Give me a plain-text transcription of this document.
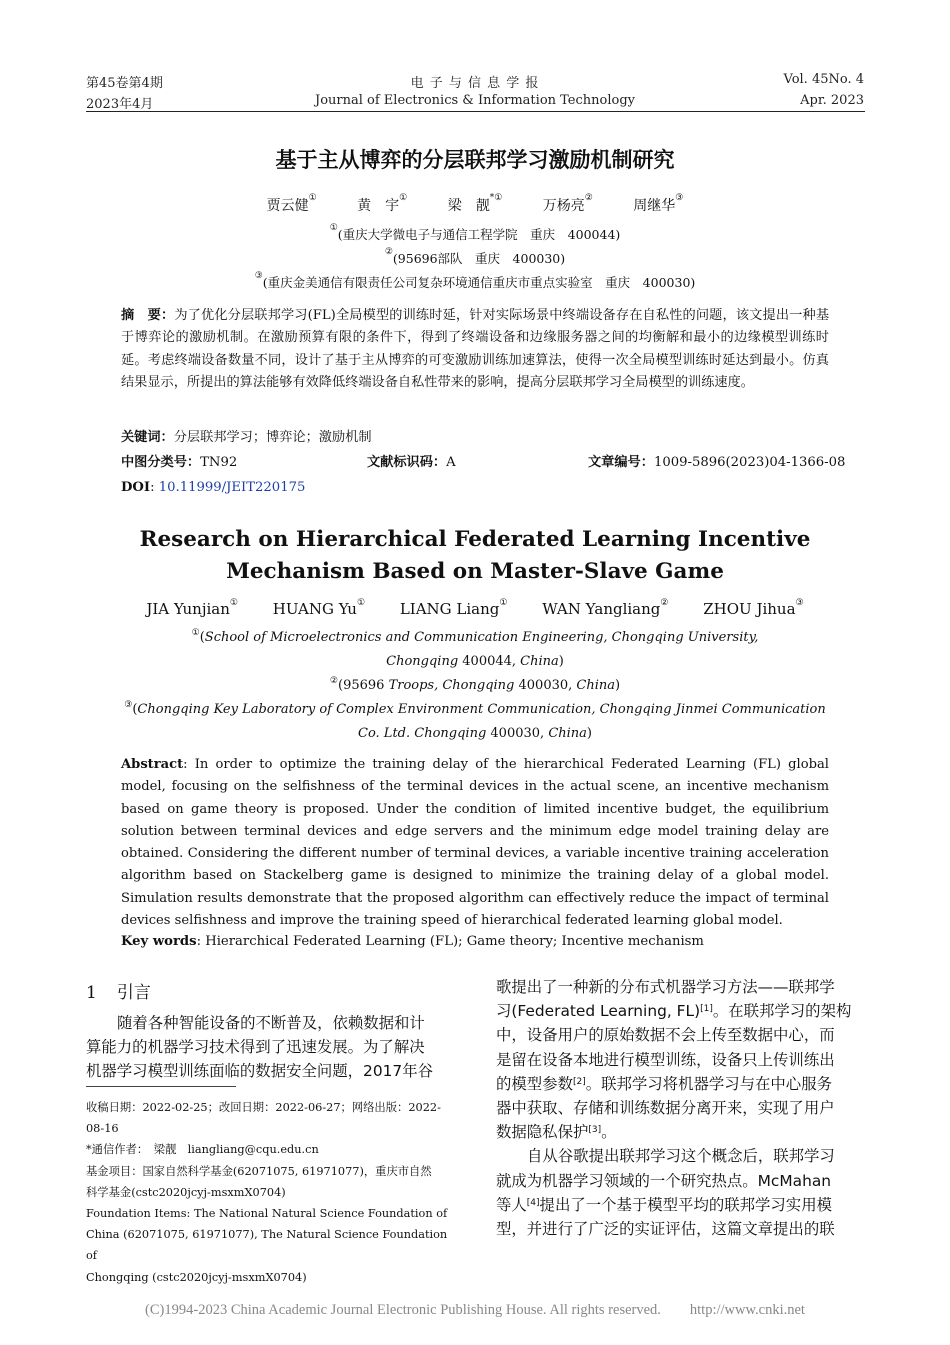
第45卷第4期
2023年4月
电 子 与 信 息 学 报
Journal of Electronics & Information Technology
Vol. 45No. 4
Apr. 2023
基于主从博弈的分层联邦学习激励机制研究
贾云健①	黄　宇①	梁　靓*①	万杨亮②	周继华③
①(重庆大学微电子与通信工程学院　重庆　400044)
②(95696部队　重庆　400030)
③(重庆金美通信有限责任公司复杂环境通信重庆市重点实验室　重庆　400030)
摘　要：为了优化分层联邦学习(FL)全局模型的训练时延，针对实际场景中终端设备存在自私性的问题，该文提出一种基于博弈论的激励机制。在激励预算有限的条件下，得到了终端设备和边缘服务器之间的均衡解和最小的边缘模型训练时延。考虑终端设备数量不同，设计了基于主从博弈的可变激励训练加速算法，使得一次全局模型训练时延达到最小。仿真结果显示，所提出的算法能够有效降低终端设备自私性带来的影响，提高分层联邦学习全局模型的训练速度。
关键词：分层联邦学习；博弈论；激励机制
中图分类号：TN92	文献标识码：A	文章编号：1009-5896(2023)04-1366-08
DOI: 10.11999/JEIT220175
Research on Hierarchical Federated Learning Incentive
Mechanism Based on Master-Slave Game
JIA Yunjian① HUANG Yu① LIANG Liang① WAN Yangliang② ZHOU Jihua③
①(School of Microelectronics and Communication Engineering, Chongqing University,
Chongqing 400044, China)
②(95696 Troops, Chongqing 400030, China)
③(Chongqing Key Laboratory of Complex Environment Communication, Chongqing Jinmei Communication
Co. Ltd. Chongqing 400030, China)
Abstract: In order to optimize the training delay of the hierarchical Federated Learning (FL) global model, focusing on the selfishness of the terminal devices in the actual scene, an incentive mechanism based on game theory is proposed. Under the condition of limited incentive budget, the equilibrium solution between terminal devices and edge servers and the minimum edge model training delay are obtained. Considering the different number of terminal devices, a variable incentive training acceleration algorithm based on Stackelberg game is designed to minimize the training delay of a global model. Simulation results demonstrate that the proposed algorithm can effectively reduce the impact of terminal devices selfishness and improve the training speed of hierarchical federated learning global model.
Key words: Hierarchical Federated Learning (FL); Game theory; Incentive mechanism
1 引言
随着各种智能设备的不断普及，依赖数据和计
算能力的机器学习技术得到了迅速发展。为了解决
机器学习模型训练面临的数据安全问题，2017年谷
收稿日期：2022-02-25；改回日期：2022-06-27；网络出版：2022-08-16
*通信作者：　梁靓　liangliang@cqu.edu.cn
基金项目：国家自然科学基金(62071075, 61971077)，重庆市自然
科学基金(cstc2020jcyj-msxmX0704)
Foundation Items: The National Natural Science Foundation of
China (62071075, 61971077), The Natural Science Foundation of
Chongqing (cstc2020jcyj-msxmX0704)
歌提出了一种新的分布式机器学习方法——联邦学
习(Federated Learning, FL)[1]。在联邦学习的架构
中，设备用户的原始数据不会上传至数据中心，而
是留在设备本地进行模型训练，设备只上传训练出
的模型参数[2]。联邦学习将机器学习与在中心服务
器中获取、存储和训练数据分离开来，实现了用户
数据隐私保护[3]。
自从谷歌提出联邦学习这个概念后，联邦学习
就成为机器学习领域的一个研究热点。McMahan
等人[4]提出了一个基于模型平均的联邦学习实用模
型，并进行了广泛的实证评估，这篇文章提出的联
(C)1994-2023 China Academic Journal Electronic Publishing House. All rights reserved.　　http://www.cnki.net
